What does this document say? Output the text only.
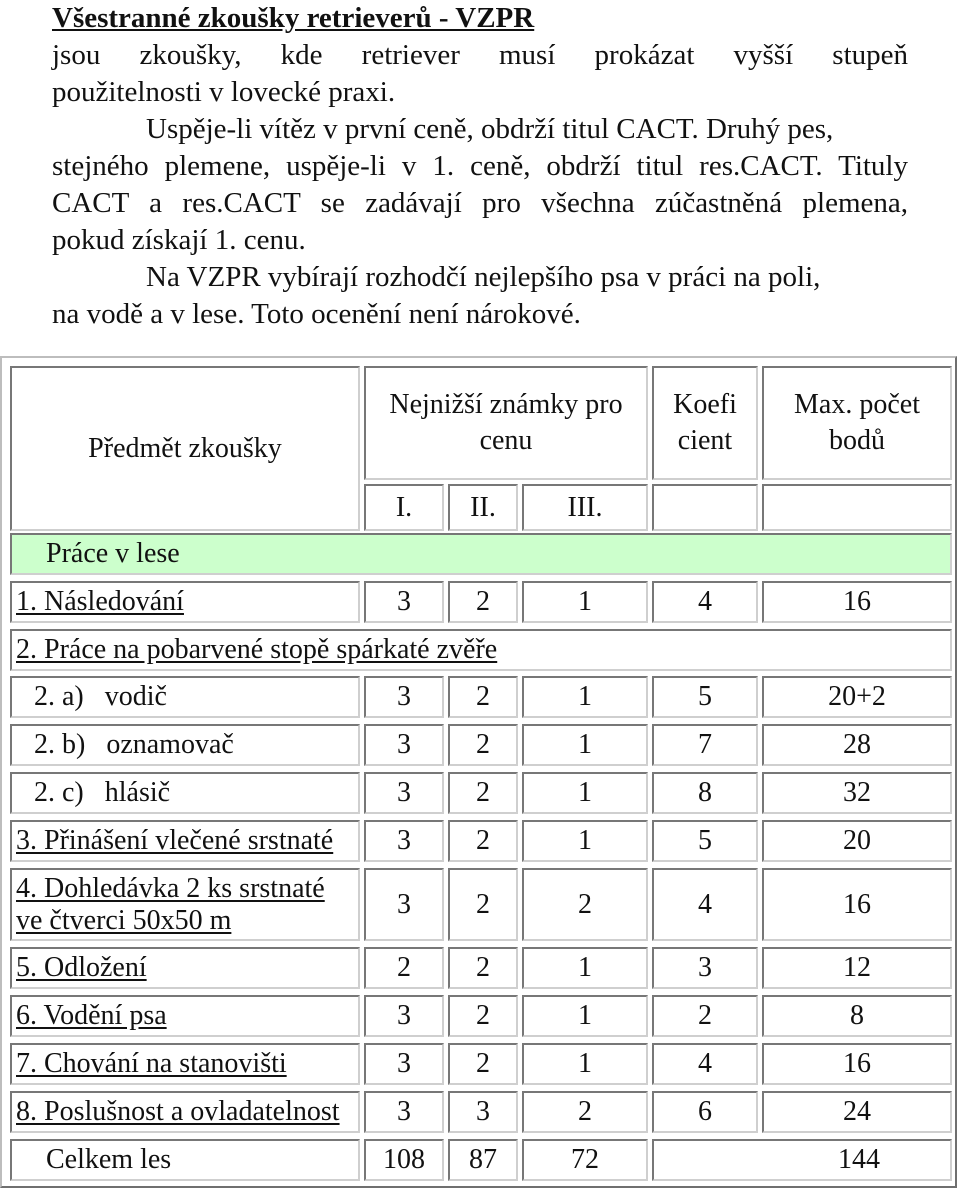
Všestranné zkoušky retrieverů - VZPR
jsou zkoušky, kde retriever musí prokázat vyšší stupeň
použitelnosti v lovecké praxi.
Uspěje-li vítěz v první ceně, obdrží titul CACT. Druhý pes,
stejného plemene, uspěje-li v 1. ceně, obdrží titul res.CACT. Tituly
CACT a res.CACT se zadávají pro všechna zúčastněná plemena,
pokud získají 1. cenu.
Na VZPR vybírají rozhodčí nejlepšího psa v práci na poli,
na vodě a v lese. Toto ocenění není nárokové.
Předmět zkoušky
Nejnižší známky pro cenu
Koefi cient
Max. počet bodů
I.	II.	III.
Práce v lese
1. Následování	3	2	1	4	16
2. Práce na pobarvené stopě spárkaté zvěře
2. a)   vodič	3	2	1	5	20+2
2. b)   oznamovač	3	2	1	7	28
2. c)   hlásič	3	2	1	8	32
3. Přinášení vlečené srstnaté	3	2	1	5	20
4. Dohledávka 2 ks srstnaté
ve čtverci 50x50 m
3	2	2	4	16
5. Odložení	2	2	1	3	12
6. Vodění psa	3	2	1	2	8
7. Chování na stanovišti	3	2	1	4	16
8. Poslušnost a ovladatelnost	3	3	2	6	24
Celkem les	108	87	72	144
